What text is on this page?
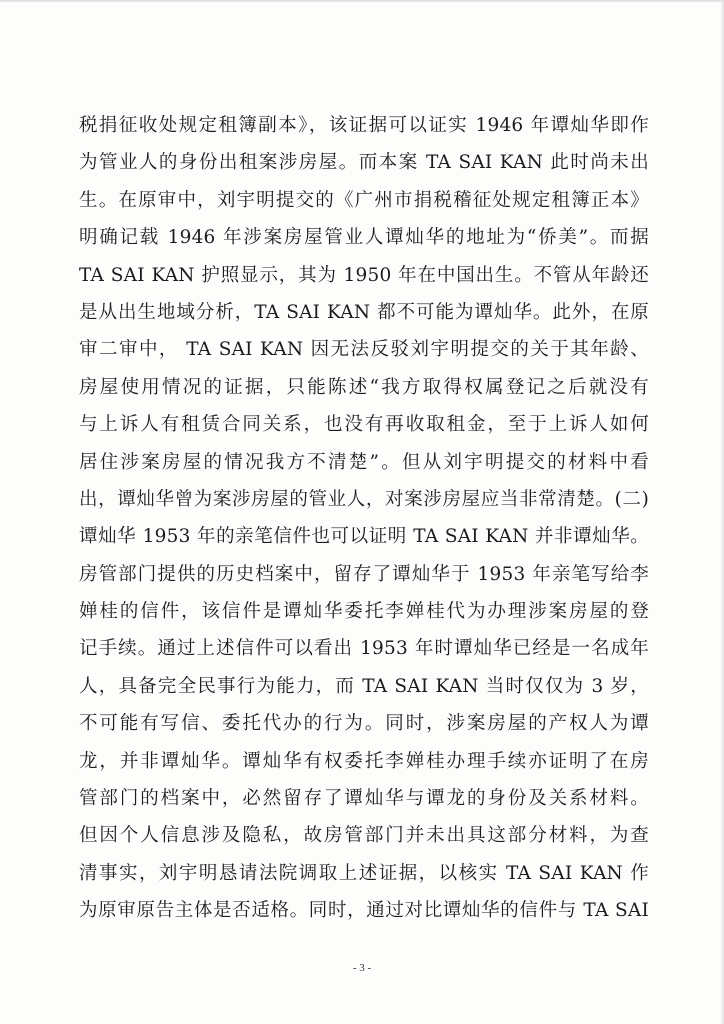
税捐征收处规定租簿副本》，该证据可以证实 1946 年谭灿华即作
为管业人的身份出租案涉房屋。而本案 TA SAI KAN 此时尚未出
生。在原审中，刘宇明提交的《广州市捐税稽征处规定租簿正本》
明确记载 1946 年涉案房屋管业人谭灿华的地址为“侨美”。而据
TA SAI KAN 护照显示，其为 1950 年在中国出生。不管从年龄还
是从出生地域分析，TA SAI KAN 都不可能为谭灿华。此外，在原
审二审中， TA SAI KAN 因无法反驳刘宇明提交的关于其年龄、
房屋使用情况的证据，只能陈述“我方取得权属登记之后就没有
与上诉人有租赁合同关系，也没有再收取租金，至于上诉人如何
居住涉案房屋的情况我方不清楚”。但从刘宇明提交的材料中看
出，谭灿华曾为案涉房屋的管业人，对案涉房屋应当非常清楚。(二)
谭灿华 1953 年的亲笔信件也可以证明 TA SAI KAN 并非谭灿华。
房管部门提供的历史档案中，留存了谭灿华于 1953 年亲笔写给李
婵桂的信件，该信件是谭灿华委托李婵桂代为办理涉案房屋的登
记手续。通过上述信件可以看出 1953 年时谭灿华已经是一名成年
人，具备完全民事行为能力，而 TA SAI KAN 当时仅仅为 3 岁，
不可能有写信、委托代办的行为。同时，涉案房屋的产权人为谭
龙，并非谭灿华。谭灿华有权委托李婵桂办理手续亦证明了在房
管部门的档案中，必然留存了谭灿华与谭龙的身份及关系材料。
但因个人信息涉及隐私，故房管部门并未出具这部分材料，为查
清事实，刘宇明恳请法院调取上述证据，以核实 TA SAI KAN 作
为原审原告主体是否适格。同时，通过对比谭灿华的信件与 TA SAI
- 3 -
